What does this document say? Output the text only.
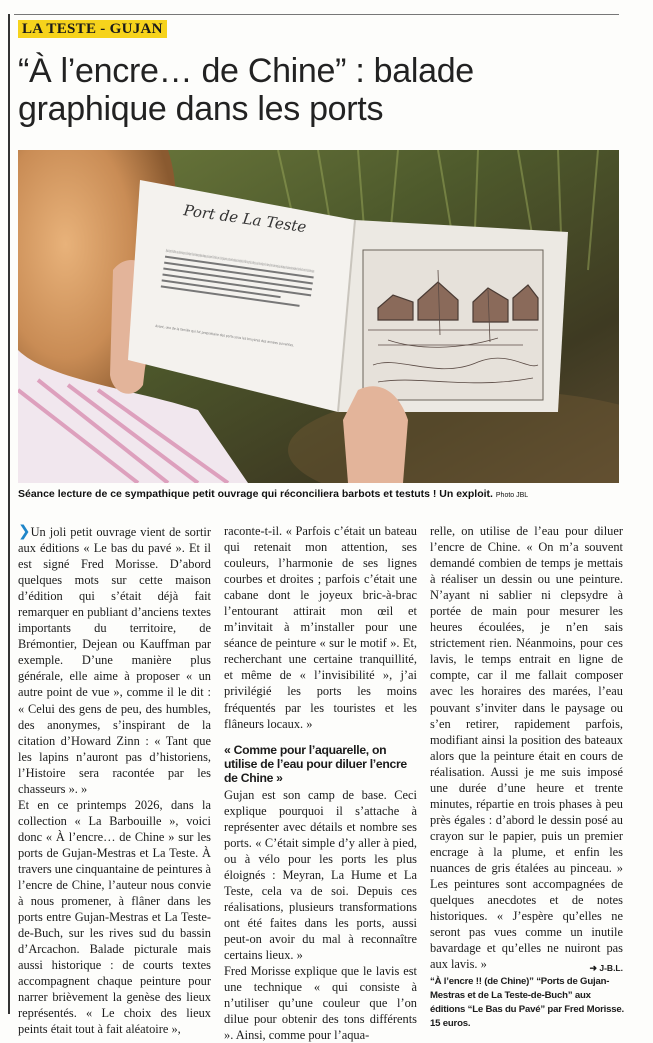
LA TESTE - GUJAN
“À l’encre… de Chine” : balade graphique dans les ports
Port de La Teste
Avant, une de la famille qui fut propriétaire des ports sous les bruyères des années suivantes.
Séance lecture de ce sympathique petit ouvrage qui réconciliera barbots et testuts ! Un exploit. Photo JBL

❯Un joli petit ouvrage vient de sortir aux éditions « Le bas du pavé ». Et il est signé Fred Morisse. D’abord quelques mots sur cette maison d’édition qui s’était déjà fait remarquer en publiant d’anciens textes importants du territoire, de Brémontier, Dejean ou Kauffman par exemple. D’une manière plus générale, elle aime à proposer « un autre point de vue », comme il le dit : « Celui des gens de peu, des humbles, des anonymes, s’inspirant de la citation d’Howard Zinn : « Tant que les lapins n’auront pas d’historiens, l’Histoire sera racontée par les chasseurs ». »

Et en ce printemps 2026, dans la collection « La Barbouille », voici donc « À l’encre… de Chine » sur les ports de Gujan-Mestras et La Teste. À travers une cinquantaine de peintures à l’encre de Chine, l’auteur nous convie à nous promener, à flâner dans les ports entre Gujan-Mestras et La Teste-de-Buch, sur les rives sud du bassin d’Arcachon. Balade picturale mais aussi historique : de courts textes accompagnent chaque peinture pour narrer brièvement la genèse des lieux représentés. « Le choix des lieux peints était tout à fait aléatoire »,

raconte-t-il. « Parfois c’était un bateau qui retenait mon attention, ses couleurs, l’harmonie de ses lignes courbes et droites ; parfois c’était une cabane dont le joyeux bric-à-brac l’entourant attirait mon œil et m’invitait à m’installer pour une séance de peinture « sur le motif ». Et, recherchant une certaine tranquillité, et même de « l’invisibilité », j’ai privilégié les ports les moins fréquentés par les touristes et les flâneurs locaux. »

« Comme pour l’aquarelle, on utilise de l’eau pour diluer l’encre de Chine »

Gujan est son camp de base. Ceci explique pourquoi il s’attache à représenter avec détails et nombre ses ports. « C’était simple d’y aller à pied, ou à vélo pour les ports les plus éloignés : Meyran, La Hume et La Teste, cela va de soi. Depuis ces réalisations, plusieurs transformations ont été faites dans les ports, aussi peut-on avoir du mal à reconnaître certains lieux. »

Fred Morisse explique que le lavis est une technique « qui consiste à n’utiliser qu’une couleur que l’on dilue pour obtenir des tons différents ». Ainsi, comme pour l’aqua-

relle, on utilise de l’eau pour diluer l’encre de Chine. « On m’a souvent demandé combien de temps je mettais à réaliser un dessin ou une peinture. N’ayant ni sablier ni clepsydre à portée de main pour mesurer les heures écoulées, je n’en sais strictement rien. Néanmoins, pour ces lavis, le temps entrait en ligne de compte, car il me fallait composer avec les horaires des marées, l’eau pouvant s’inviter dans le paysage ou s’en retirer, rapidement parfois, modifiant ainsi la position des bateaux alors que la peinture était en cours de réalisation. Aussi je me suis imposé une durée d’une heure et trente minutes, répartie en trois phases à peu près égales : d’abord le dessin posé au crayon sur le papier, puis un premier encrage à la plume, et enfin les nuances de gris étalées au pinceau. » Les peintures sont accompagnées de quelques anecdotes et de notes historiques. « J’espère qu’elles ne seront pas vues comme un inutile bavardage et qu’elles ne nuiront pas aux lavis. »	➜ J-B.L.
“À l’encre !! (de Chine)” “Ports de Gujan-Mestras et de La Teste-de-Buch” aux éditions “Le Bas du Pavé” par Fred Morisse. 15 euros.
